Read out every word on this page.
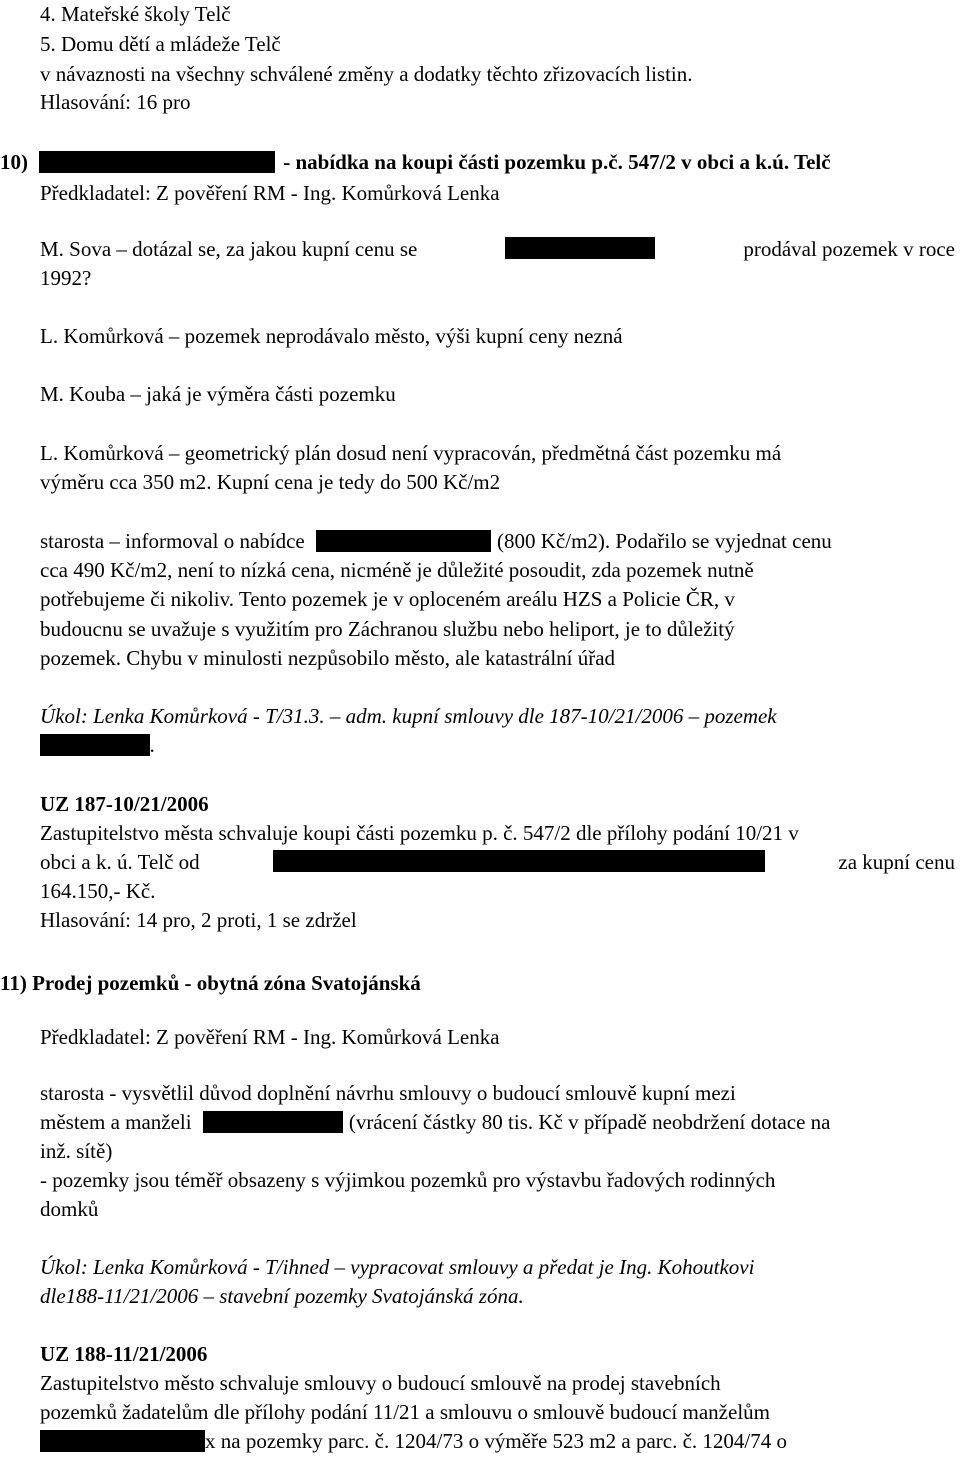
4. Mateřské školy Telč
5. Domu dětí a mládeže Telč
v návaznosti na všechny schválené změny a dodatky těchto zřizovacích listin.
Hlasování: 16 pro
10)	- nabídka na koupi části pozemku p.č. 547/2 v obci a k.ú. Telč
Předkladatel: Z pověření RM - Ing. Komůrková Lenka
M. Sova – dotázal se, za jakou kupní cenu se	prodával pozemek v roce
1992?
L. Komůrková – pozemek neprodávalo město, výši kupní ceny nezná
M. Kouba – jaká je výměra části pozemku
L. Komůrková – geometrický plán dosud není vypracován, předmětná část pozemku má
výměru cca 350 m2. Kupní cena je tedy do 500 Kč/m2
starosta – informoval o nabídce	(800 Kč/m2). Podařilo se vyjednat cenu
cca 490 Kč/m2, není to nízká cena, nicméně je důležité posoudit, zda pozemek nutně
potřebujeme či nikoliv. Tento pozemek je v oploceném areálu HZS a Policie ČR, v
budoucnu se uvažuje s využitím pro Záchranou službu nebo heliport, je to důležitý
pozemek. Chybu v minulosti nezpůsobilo město, ale katastrální úřad
Úkol: Lenka Komůrková - T/31.3. – adm. kupní smlouvy dle 187-10/21/2006 – pozemek
.
UZ 187-10/21/2006
Zastupitelstvo města schvaluje koupi části pozemku p. č. 547/2 dle přílohy podání 10/21 v
obci a k. ú. Telč od	za kupní cenu
164.150,- Kč.
Hlasování: 14 pro, 2 proti, 1 se zdržel
11) Prodej pozemků - obytná zóna Svatojánská
Předkladatel: Z pověření RM - Ing. Komůrková Lenka
starosta - vysvětlil důvod doplnění návrhu smlouvy o budoucí smlouvě kupní mezi
městem a manželi	(vrácení částky 80 tis. Kč v případě neobdržení dotace na
inž. sítě)
- pozemky jsou téměř obsazeny s výjimkou pozemků pro výstavbu řadových rodinných
domků
Úkol: Lenka Komůrková - T/ihned – vypracovat smlouvy a předat je Ing. Kohoutkovi
dle188-11/21/2006 – stavební pozemky Svatojánská zóna.
UZ 188-11/21/2006
Zastupitelstvo město schvaluje smlouvy o budoucí smlouvě na prodej stavebních
pozemků žadatelům dle přílohy podání 11/21 a smlouvu o smlouvě budoucí manželům
x na pozemky parc. č. 1204/73 o výměře 523 m2 a parc. č. 1204/74 o
